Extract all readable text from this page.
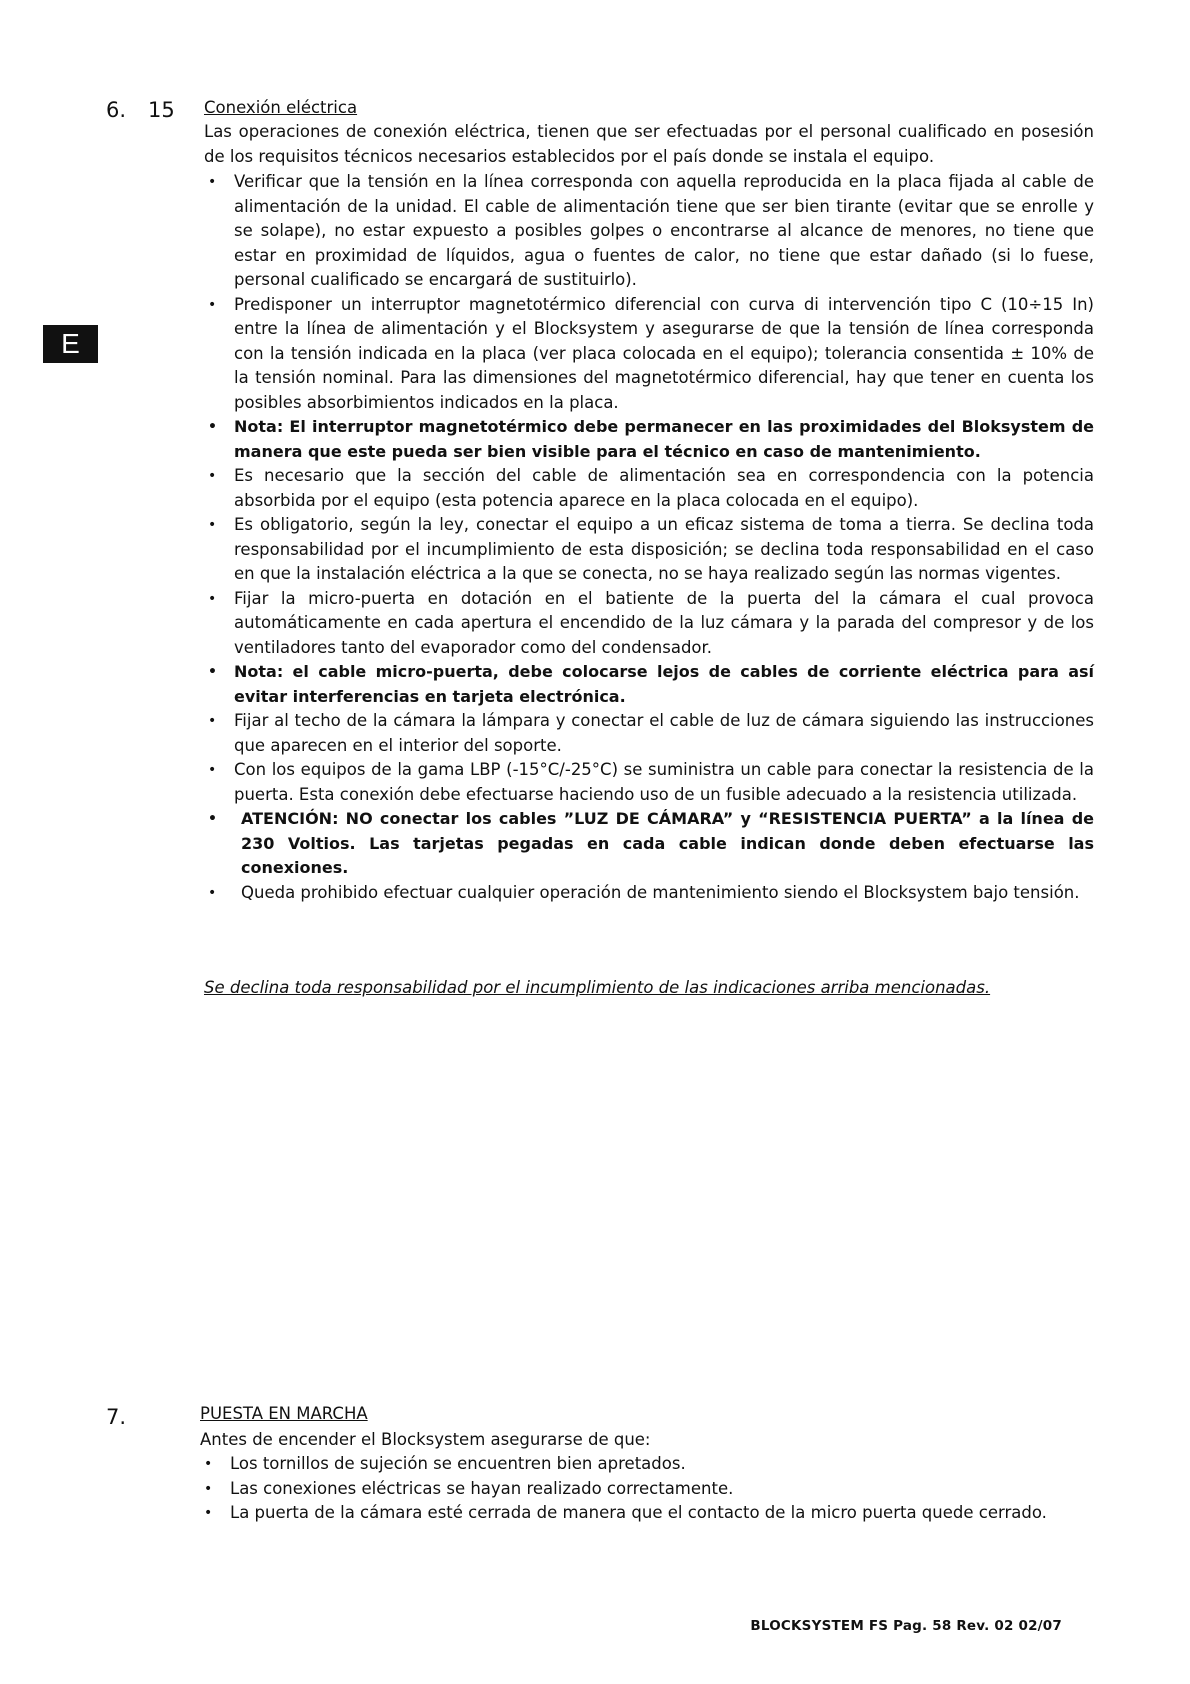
E
6. 15 Conexión eléctrica
Las operaciones de conexión eléctrica, tienen que ser efectuadas por el personal cualificado en posesión de los requisitos técnicos necesarios establecidos por el país donde se instala el equipo.
• Verificar que la tensión en la línea corresponda con aquella reproducida en la placa fijada al cable de alimentación de la unidad. El cable de alimentación tiene que ser bien tirante (evitar que se enrolle y se solape), no estar expuesto a posibles golpes o encontrarse al alcance de menores, no tiene que estar en proximidad de líquidos, agua o fuentes de calor, no tiene que estar dañado (si lo fuese, personal cualificado se encargará de sustituirlo).
• Predisponer un interruptor magnetotérmico diferencial con curva di intervención tipo C (10÷15 In) entre la línea de alimentación y el Blocksystem y asegurarse de que la tensión de línea corresponda con la tensión indicada en la placa (ver placa colocada en el equipo); tolerancia consentida ± 10% de la tensión nominal. Para las dimensiones del magnetotérmico diferencial, hay que tener en cuenta los posibles absorbimientos indicados en la placa.
• Nota: El interruptor magnetotérmico debe permanecer en las proximidades del Bloksystem de manera que este pueda ser bien visible para el técnico en caso de mantenimiento.
• Es necesario que la sección del cable de alimentación sea en correspondencia con la potencia absorbida por el equipo (esta potencia aparece en la placa colocada en el equipo).
• Es obligatorio, según la ley, conectar el equipo a un eficaz sistema de toma a tierra. Se declina toda responsabilidad por el incumplimiento de esta disposición; se declina toda responsabilidad en el caso en que la instalación eléctrica a la que se conecta, no se haya realizado según las normas vigentes.
• Fijar la micro-puerta en dotación en el batiente de la puerta del la cámara el cual provoca automáticamente en cada apertura el encendido de la luz cámara y la parada del compresor y de los ventiladores tanto del evaporador como del condensador.
• Nota: el cable micro-puerta, debe colocarse lejos de cables de corriente eléctrica para así evitar interferencias en tarjeta electrónica.
• Fijar al techo de la cámara la lámpara y conectar el cable de luz de cámara siguiendo las instrucciones que aparecen en el interior del soporte.
• Con los equipos de la gama LBP (-15°C/-25°C) se suministra un cable para conectar la resistencia de la puerta. Esta conexión debe efectuarse haciendo uso de un fusible adecuado a la resistencia utilizada.
• ATENCIÓN: NO conectar los cables ”LUZ DE CÁMARA” y “RESISTENCIA PUERTA” a la línea de 230 Voltios. Las tarjetas pegadas en cada cable indican donde deben efectuarse las conexiones.
• Queda prohibido efectuar cualquier operación de mantenimiento siendo el Blocksystem bajo tensión.
Se declina toda responsabilidad por el incumplimiento de las indicaciones arriba mencionadas.
7.	PUESTA EN MARCHA
Antes de encender el Blocksystem asegurarse de que:
• Los tornillos de sujeción se encuentren bien apretados.
• Las conexiones eléctricas se hayan realizado correctamente.
• La puerta de la cámara esté cerrada de manera que el contacto de la micro puerta quede cerrado.
BLOCKSYSTEM FS Pag. 58 Rev. 02 02/07
